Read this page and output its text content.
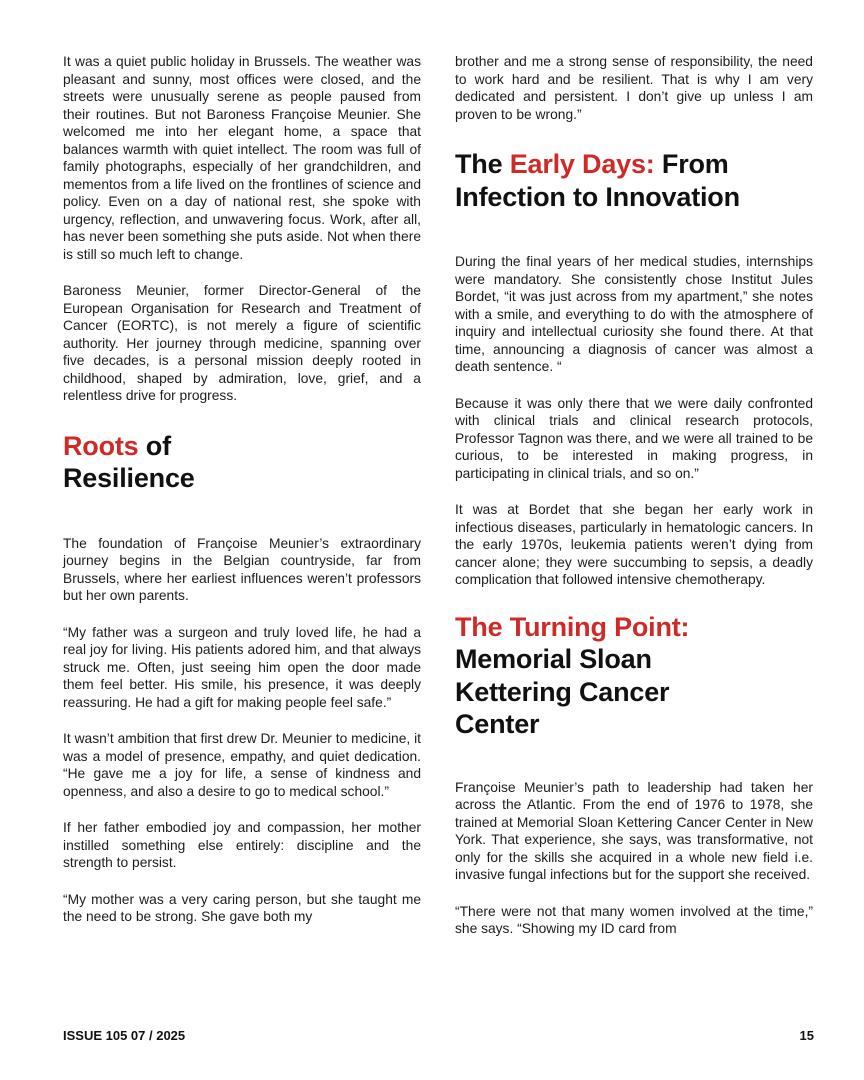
It was a quiet public holiday in Brussels. The weather was pleasant and sunny, most offices were closed, and the streets were unusually serene as people paused from their routines. But not Baroness Françoise Meunier. She welcomed me into her elegant home, a space that balances warmth with quiet intellect. The room was full of family photographs, especially of her grandchildren, and mementos from a life lived on the frontlines of science and policy. Even on a day of national rest, she spoke with urgency, reflection, and unwavering focus. Work, after all, has never been something she puts aside. Not when there is still so much left to change.

Baroness Meunier, former Director-General of the European Organisation for Research and Treatment of Cancer (EORTC), is not merely a figure of scientific authority. Her journey through medicine, spanning over five decades, is a personal mission deeply rooted in childhood, shaped by admiration, love, grief, and a relentless drive for progress.

Roots of
Resilience

The foundation of Françoise Meunier’s extraordinary journey begins in the Belgian countryside, far from Brussels, where her earliest influences weren’t professors but her own parents.

“My father was a surgeon and truly loved life, he had a real joy for living. His patients adored him, and that always struck me. Often, just seeing him open the door made them feel better. His smile, his presence, it was deeply reassuring. He had a gift for making people feel safe.”

It wasn’t ambition that first drew Dr. Meunier to medicine, it was a model of presence, empathy, and quiet dedication. “He gave me a joy for life, a sense of kindness and openness, and also a desire to go to medical school.”

If her father embodied joy and compassion, her mother instilled something else entirely: discipline and the strength to persist.

“My mother was a very caring person, but she taught me the need to be strong. She gave both my

brother and me a strong sense of responsibility, the need to work hard and be resilient. That is why I am very dedicated and persistent. I don’t give up unless I am proven to be wrong.”

The Early Days: From
Infection to Innovation

During the final years of her medical studies, internships were mandatory. She consistently chose Institut Jules Bordet, “it was just across from my apartment,” she notes with a smile, and everything to do with the atmosphere of inquiry and intellectual curiosity she found there. At that time, announcing a diagnosis of cancer was almost a death sentence. “

Because it was only there that we were daily confronted with clinical trials and clinical research protocols, Professor Tagnon was there, and we were all trained to be curious, to be interested in making progress, in participating in clinical trials, and so on.”

It was at Bordet that she began her early work in infectious diseases, particularly in hematologic cancers. In the early 1970s, leukemia patients weren’t dying from cancer alone; they were succumbing to sepsis, a deadly complication that followed intensive chemotherapy.

The Turning Point:
Memorial Sloan
Kettering Cancer
Center

Françoise Meunier’s path to leadership had taken her across the Atlantic. From the end of 1976 to 1978, she trained at Memorial Sloan Kettering Cancer Center in New York. That experience, she says, was transformative, not only for the skills she acquired in a whole new field i.e. invasive fungal infections but for the support she received.

“There were not that many women involved at the time,” she says. “Showing my ID card from

ISSUE 105 07 / 2025	15
